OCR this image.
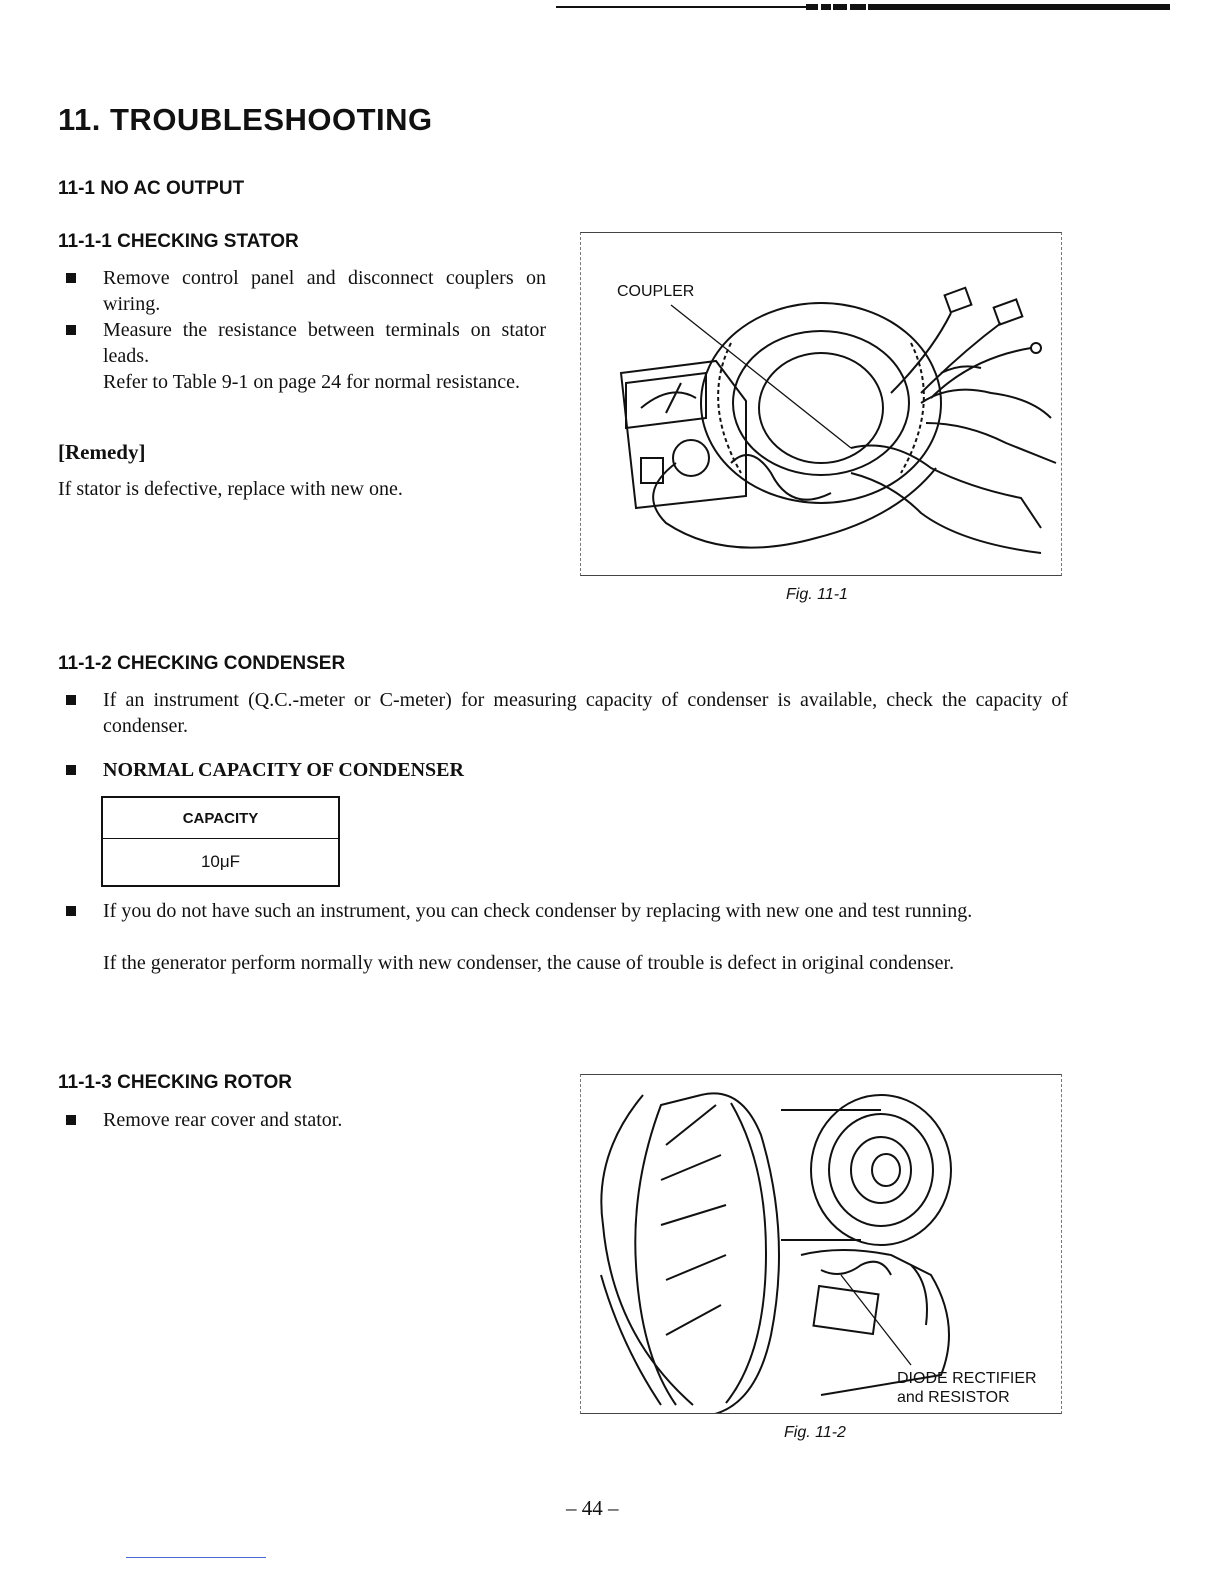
11. TROUBLESHOOTING
11-1 NO AC OUTPUT
11-1-1 CHECKING STATOR
Remove control panel and disconnect couplers on wiring.
Measure the resistance between terminals on stator leads.
Refer to Table 9-1 on page 24 for normal resistance.
[Remedy]
If stator is defective, replace with new one.
COUPLER
Fig. 11-1
11-1-2 CHECKING CONDENSER
If an instrument (Q.C.-meter or C-meter) for measuring capacity of condenser is available, check the capacity of condenser.
NORMAL CAPACITY OF CONDENSER
CAPACITY
10μF
If you do not have such an instrument, you can check condenser by replacing with new one and test running.
If the generator perform normally with new condenser, the cause of trouble is defect in original condenser.
11-1-3 CHECKING ROTOR
Remove rear cover and stator.
DIODE RECTIFIER
and RESISTOR
Fig. 11-2
– 44 –
